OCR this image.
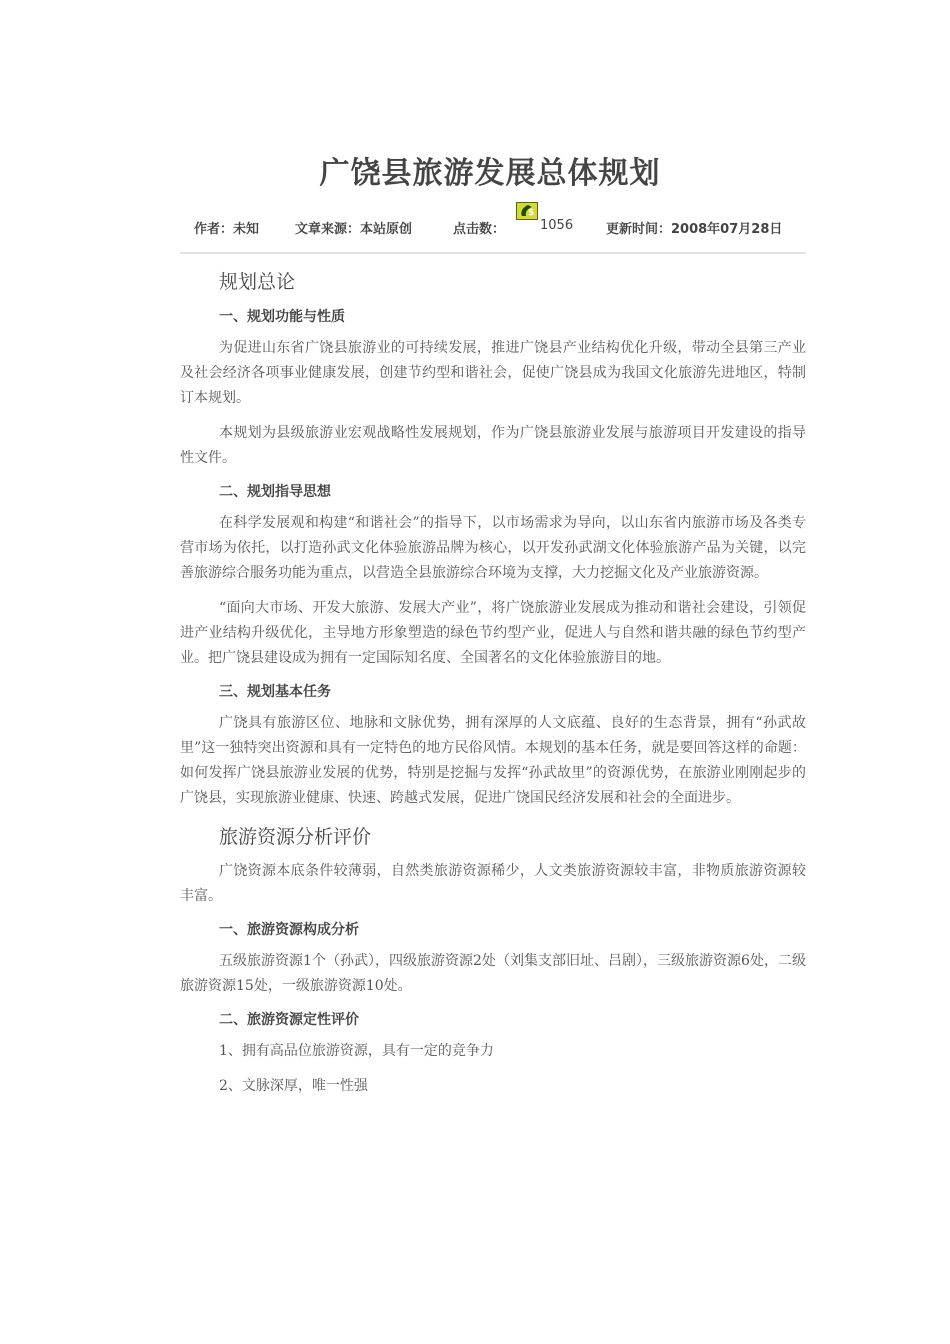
广饶县旅游发展总体规划
作者：未知	文章来源：本站原创	点击数：	1056	更新时间：2008年07月28日
$
规划总论
一、规划功能与性质
为促进山东省广饶县旅游业的可持续发展，推进广饶县产业结构优化升级，带动全县第三产业及社会经济各项事业健康发展，创建节约型和谐社会，促使广饶县成为我国文化旅游先进地区，特制订本规划。
本规划为县级旅游业宏观战略性发展规划，作为广饶县旅游业发展与旅游项目开发建设的指导性文件。
二、规划指导思想
在科学发展观和构建“和谐社会”的指导下，以市场需求为导向，以山东省内旅游市场及各类专营市场为依托，以打造孙武文化体验旅游品牌为核心，以开发孙武湖文化体验旅游产品为关键，以完善旅游综合服务功能为重点，以营造全县旅游综合环境为支撑，大力挖掘文化及产业旅游资源。
“面向大市场、开发大旅游、发展大产业”，将广饶旅游业发展成为推动和谐社会建设，引领促进产业结构升级优化，主导地方形象塑造的绿色节约型产业，促进人与自然和谐共融的绿色节约型产业。把广饶县建设成为拥有一定国际知名度、全国著名的文化体验旅游目的地。
三、规划基本任务
广饶具有旅游区位、地脉和文脉优势，拥有深厚的人文底蕴、良好的生态背景，拥有“孙武故里”这一独特突出资源和具有一定特色的地方民俗风情。本规划的基本任务，就是要回答这样的命题：如何发挥广饶县旅游业发展的优势，特别是挖掘与发挥“孙武故里”的资源优势，在旅游业刚刚起步的广饶县，实现旅游业健康、快速、跨越式发展，促进广饶国民经济发展和社会的全面进步。
旅游资源分析评价
广饶资源本底条件较薄弱，自然类旅游资源稀少，人文类旅游资源较丰富，非物质旅游资源较丰富。
一、旅游资源构成分析
五级旅游资源1个（孙武），四级旅游资源2处（刘集支部旧址、吕剧），三级旅游资源6处，二级旅游资源15处，一级旅游资源10处。
二、旅游资源定性评价
1、拥有高品位旅游资源，具有一定的竞争力
2、文脉深厚，唯一性强
